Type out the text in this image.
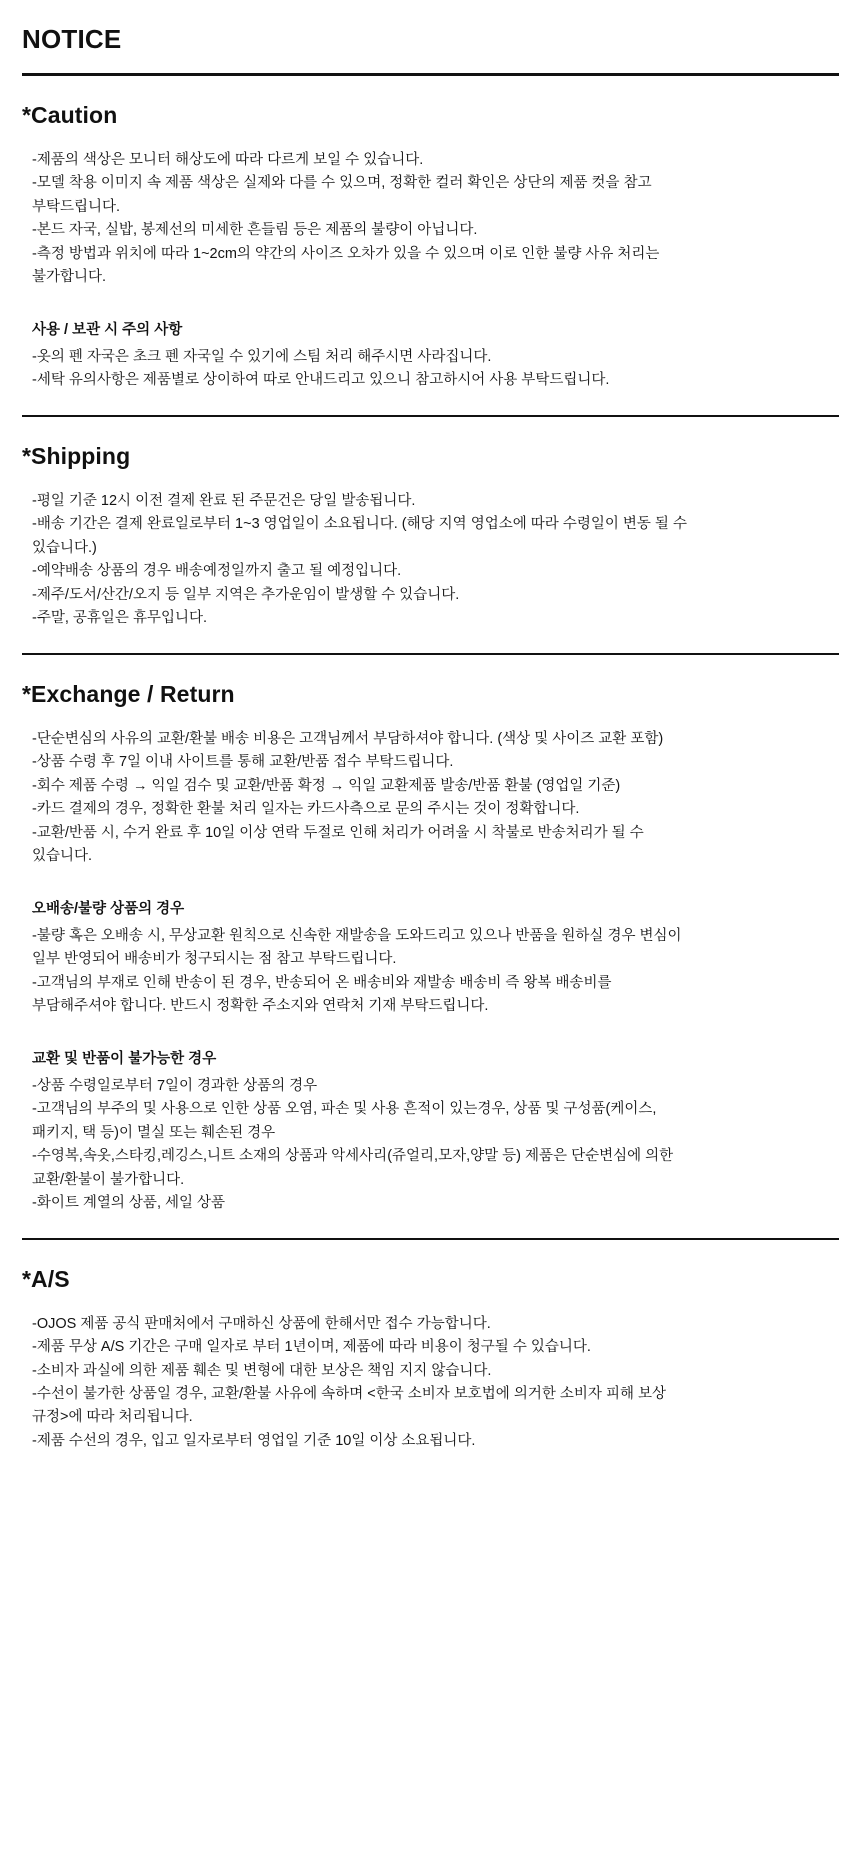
NOTICE
*Caution

-제품의 색상은 모니터 해상도에 따라 다르게 보일 수 있습니다.

-모델 착용 이미지 속 제품 색상은 실제와 다를 수 있으며, 정확한 컬러 확인은 상단의 제품 컷을 참고

부탁드립니다.

-본드 자국, 실밥, 봉제선의 미세한 흔들림 등은 제품의 불량이 아닙니다.

-측정 방법과 위치에 따라 1~2cm의 약간의 사이즈 오차가 있을 수 있으며 이로 인한 불량 사유 처리는

불가합니다.

사용 / 보관 시 주의 사항

-옷의 펜 자국은 초크 펜 자국일 수 있기에 스팀 처리 해주시면 사라집니다.

-세탁 유의사항은 제품별로 상이하여 따로 안내드리고 있으니 참고하시어 사용 부탁드립니다.

*Shipping

-평일 기준 12시 이전 결제 완료 된 주문건은 당일 발송됩니다.

-배송 기간은 결제 완료일로부터 1~3 영업일이 소요됩니다. (해당 지역 영업소에 따라 수령일이 변동 될 수

있습니다.)

-예약배송 상품의 경우 배송예정일까지 출고 될 예정입니다.

-제주/도서/산간/오지 등 일부 지역은 추가운임이 발생할 수 있습니다.

-주말, 공휴일은 휴무입니다.

*Exchange / Return

-단순변심의 사유의 교환/환불 배송 비용은 고객님께서 부담하셔야 합니다. (색상 및 사이즈 교환 포함)

-상품 수령 후 7일 이내 사이트를 통해 교환/반품 접수 부탁드립니다.

-회수 제품 수령 → 익일 검수 및 교환/반품 확정 → 익일 교환제품 발송/반품 환불 (영업일 기준)

-카드 결제의 경우, 정확한 환불 처리 일자는 카드사측으로 문의 주시는 것이 정확합니다.

-교환/반품 시, 수거 완료 후 10일 이상 연락 두절로 인해 처리가 어려울 시 착불로 반송처리가 될 수

있습니다.

오배송/불량 상품의 경우

-불량 혹은 오배송 시, 무상교환 원칙으로 신속한 재발송을 도와드리고 있으나 반품을 원하실 경우 변심이

일부 반영되어 배송비가 청구되시는 점 참고 부탁드립니다.

-고객님의 부재로 인해 반송이 된 경우, 반송되어 온 배송비와 재발송 배송비 즉 왕복 배송비를

부담해주셔야 합니다. 반드시 정확한 주소지와 연락처 기재 부탁드립니다.

교환 및 반품이 불가능한 경우

-상품 수령일로부터 7일이 경과한 상품의 경우

-고객님의 부주의 및 사용으로 인한 상품 오염, 파손 및 사용 흔적이 있는경우, 상품 및 구성품(케이스,

패키지, 택 등)이 멸실 또는 훼손된 경우

-수영복,속옷,스타킹,레깅스,니트 소재의 상품과 악세사리(쥬얼리,모자,양말 등) 제품은 단순변심에 의한

교환/환불이 불가합니다.

-화이트 계열의 상품, 세일 상품

*A/S

-OJOS 제품 공식 판매처에서 구매하신 상품에 한해서만 접수 가능합니다.

-제품 무상 A/S 기간은 구매 일자로 부터 1년이며, 제품에 따라 비용이 청구될 수 있습니다.

-소비자 과실에 의한 제품 훼손 및 변형에 대한 보상은 책임 지지 않습니다.

-수선이 불가한 상품일 경우, 교환/환불 사유에 속하며 <한국 소비자 보호법에 의거한 소비자 피해 보상

규정>에 따라 처리됩니다.

-제품 수선의 경우, 입고 일자로부터 영업일 기준 10일 이상 소요됩니다.
